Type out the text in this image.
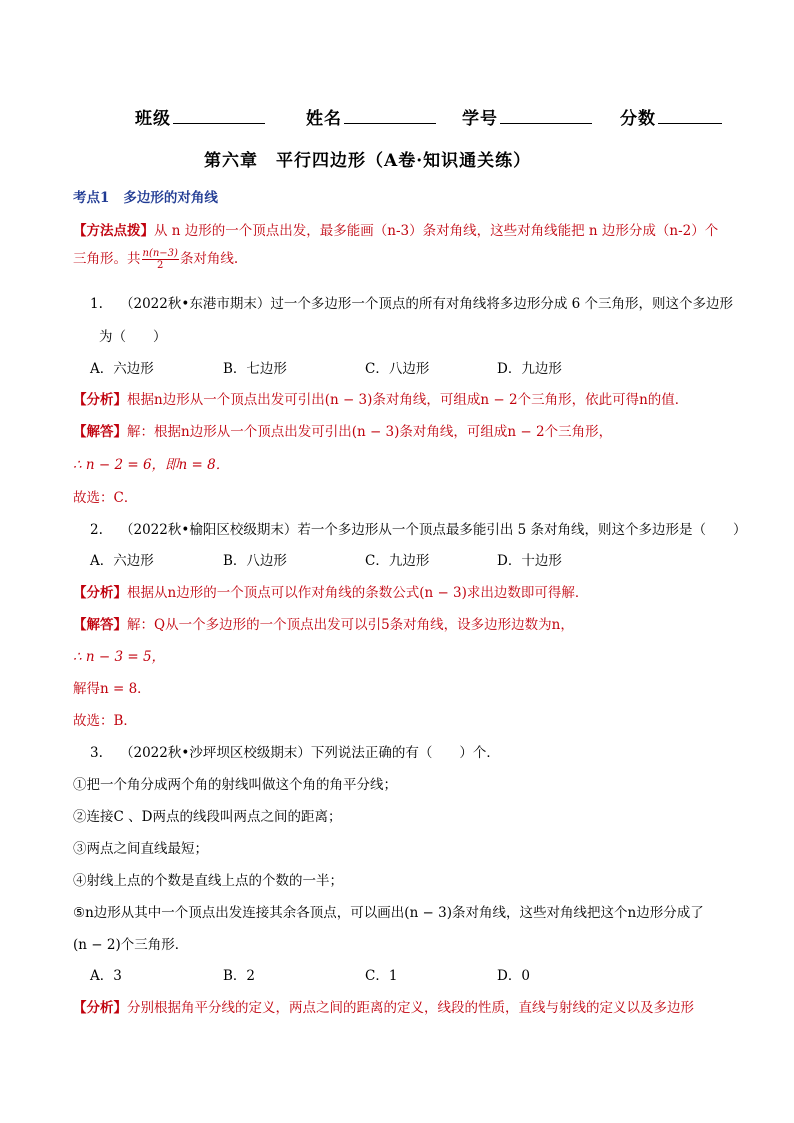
班级	姓名	学号	分数
第六章　平行四边形（A卷·知识通关练）
考点1 多边形的对角线
【方法点拨】从 n 边形的一个顶点出发，最多能画（n-3）条对角线，这些对角线能把 n 边形分成（n-2）个
三角形。共 $\frac{n(n-3)}{2}$ 条对角线.
1. （2022秋•东港市期末）过一个多边形一个顶点的所有对角线将多边形分成 6 个三角形，则这个多边形
为（　　）
A．六边形	B．七边形	C．八边形	D．九边形
【分析】根据n边形从一个顶点出发可引出(n − 3)条对角线，可组成n − 2个三角形，依此可得n的值．
【解答】解：根据n边形从一个顶点出发可引出(n − 3)条对角线，可组成n − 2个三角形，
∴ n − 2 = 6，即n = 8．
故选：C．
2. （2022秋•榆阳区校级期末）若一个多边形从一个顶点最多能引出 5 条对角线，则这个多边形是（　　）
A．六边形	B．八边形	C．九边形	D．十边形
【分析】根据从n边形的一个顶点可以作对角线的条数公式(n − 3)求出边数即可得解．
【解答】解：Q从一个多边形的一个顶点出发可以引5条对角线，设多边形边数为n，
∴ n − 3 = 5，
解得n = 8．
故选：B．
3. （2022秋•沙坪坝区校级期末）下列说法正确的有（　　）个．
①把一个角分成两个角的射线叫做这个角的角平分线；
②连接C 、D两点的线段叫两点之间的距离；
③两点之间直线最短；
④射线上点的个数是直线上点的个数的一半；
⑤n边形从其中一个顶点出发连接其余各顶点，可以画出(n − 3)条对角线，这些对角线把这个n边形分成了
(n − 2)个三角形．
A．3	B．2	C．1	D．0
【分析】分别根据角平分线的定义，两点之间的距离的定义，线段的性质，直线与射线的定义以及多边形
